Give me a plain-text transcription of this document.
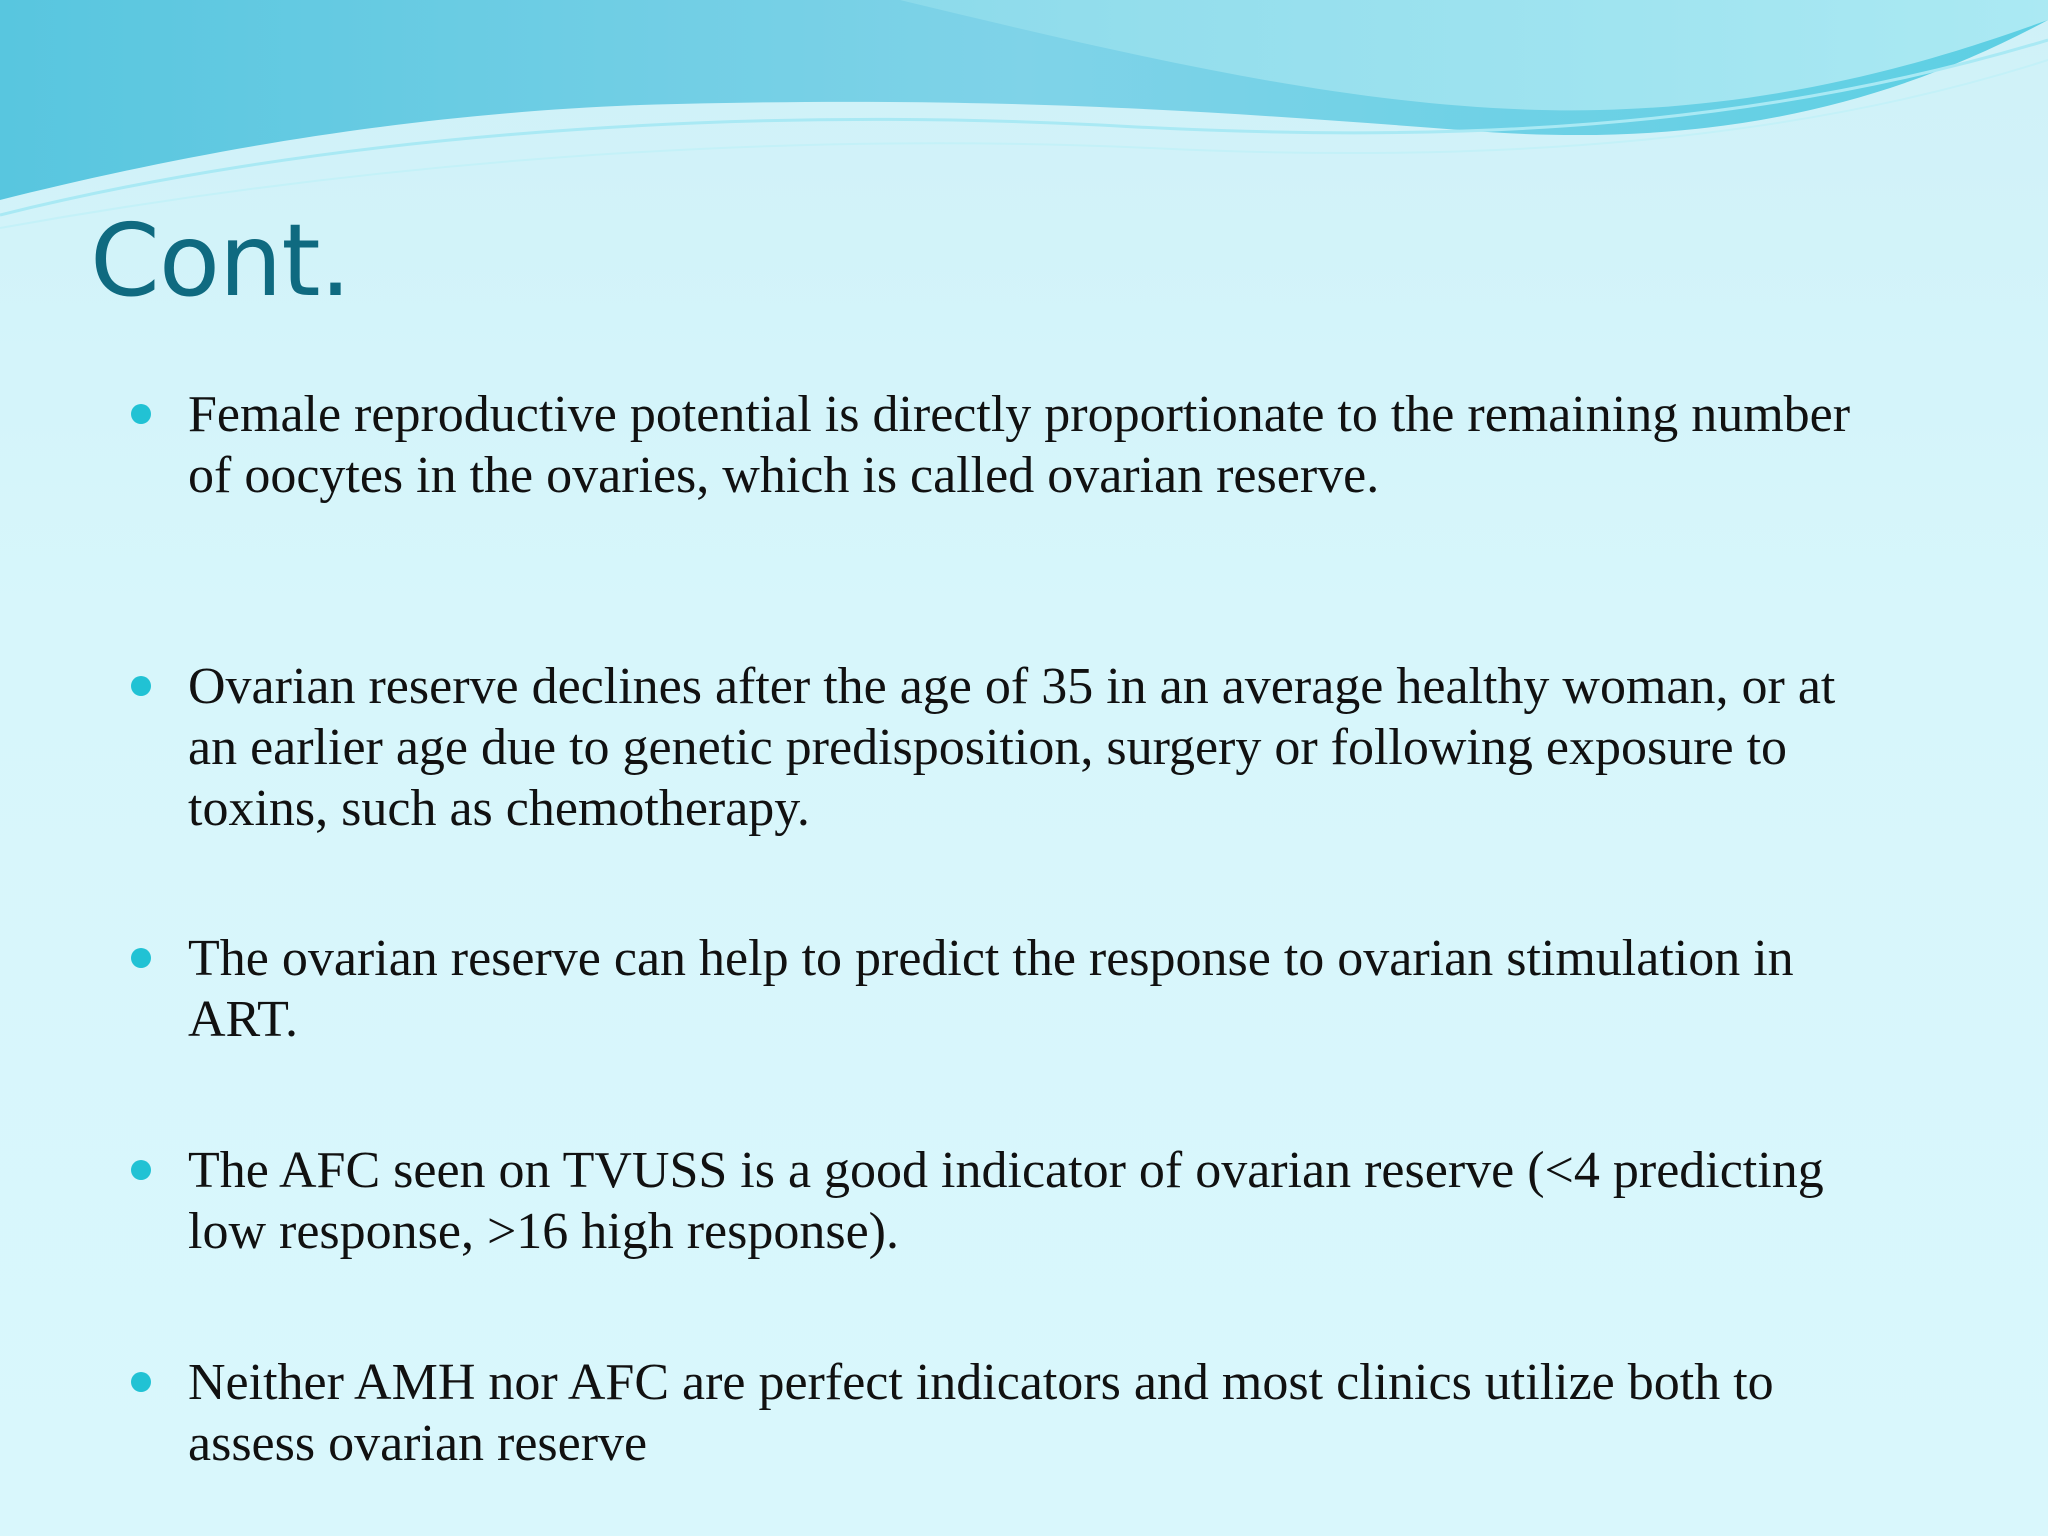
Cont.
Female reproductive potential is directly proportionate to the remaining number of oocytes in the ovaries, which is called ovarian reserve.
Ovarian reserve declines after the age of 35 in an average healthy woman, or at an earlier age due to genetic predisposition, surgery or following exposure to toxins, such as chemotherapy.
The ovarian reserve can help to predict the response to ovarian stimulation in ART.
The AFC seen on TVUSS is a good indicator of ovarian reserve (<4 predicting low response, >16 high response).
Neither AMH nor AFC are perfect indicators and most clinics utilize both to assess ovarian reserve
